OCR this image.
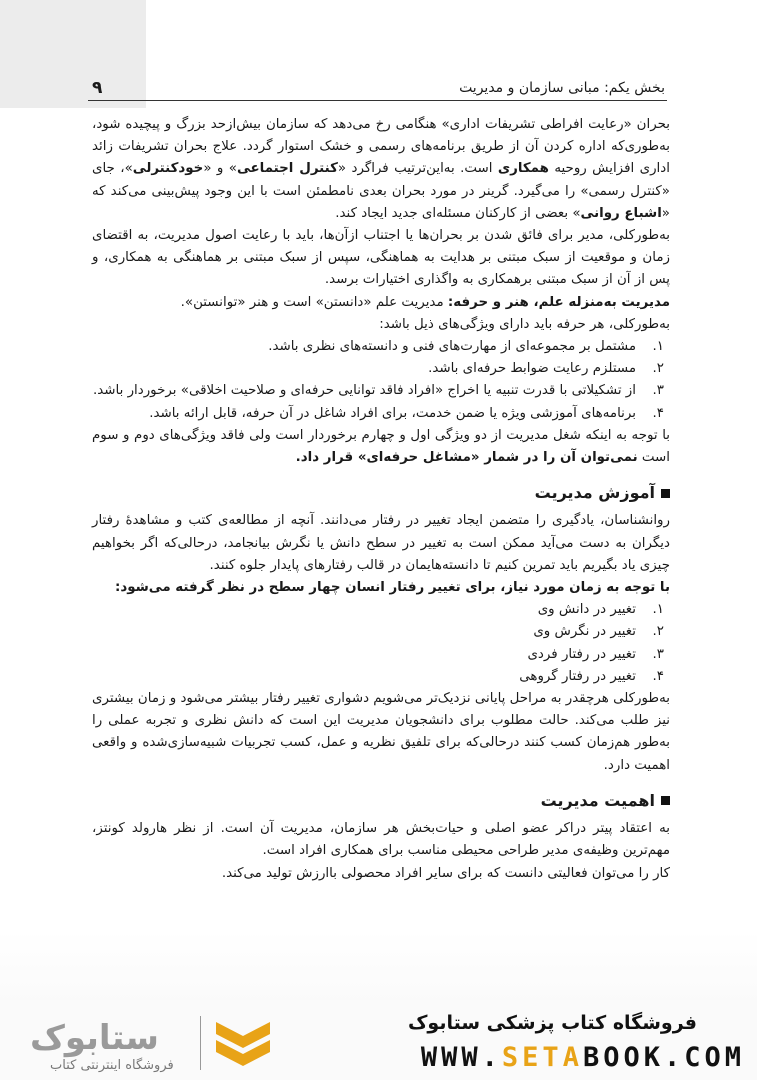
بخش یکم: مبانی سازمان و مدیریت
۹

بحران «رعایت افراطی تشریفات اداری» هنگامی رخ می‌دهد که سازمان بیش‌ازحد بزرگ و پیچیده شود، به‌طوری‌که اداره کردن آن از طریق برنامه‌های رسمی و خشک استوار گردد. علاج بحران تشریفات زائد اداری افزایش روحیه همکاری است. به‌این‌ترتیب فراگرد «کنترل اجتماعی» و «خودکنترلی»، جای «کنترل رسمی» را می‌گیرد. گرینر در مورد بحران بعدی نامطمئن است با این وجود پیش‌بینی می‌کند که «اشباع روانی» بعضی از کارکنان مسئله‌ای جدید ایجاد کند.

به‌طورکلی، مدیر برای فائق شدن بر بحران‌ها یا اجتناب ازآن‌ها، باید با رعایت اصول مدیریت، به اقتضای زمان و موقعیت از سبک مبتنی بر هدایت به هماهنگی، سپس از سبک مبتنی بر هماهنگی به همکاری، و پس از آن از سبک مبتنی برهمکاری به واگذاری اختیارات برسد.

مدیریت به‌منزله علم، هنر و حرفه: مدیریت علم «دانستن» است و هنر «توانستن».

به‌طورکلی، هر حرفه باید دارای ویژگی‌های ذیل باشد:

۱.
مشتمل بر مجموعه‌ای از مهارت‌های فنی و دانسته‌های نظری باشد.
۲.
مستلزم رعایت ضوابط حرفه‌ای باشد.
۳.
از تشکیلاتی با قدرت تنبیه یا اخراج «افراد فاقد توانایی حرفه‌ای و صلاحیت اخلاقی» برخوردار باشد.
۴.
برنامه‌های آموزشی ویژه یا ضمن خدمت، برای افراد شاغل در آن حرفه، قابل ارائه باشد.

با توجه به اینکه شغل مدیریت از دو ویژگی اول و چهارم برخوردار است ولی فاقد ویژگی‌های دوم و سوم است نمی‌توان آن را در شمار «مشاغل حرفه‌ای» قرار داد.

آموزش مدیریت

روانشناسان، یادگیری را متضمن ایجاد تغییر در رفتار می‌دانند. آنچه از مطالعه‌ی کتب و مشاهدهٔ رفتار دیگران به دست می‌آید ممکن است به تغییر در سطح دانش یا نگرش بیانجامد، درحالی‌که اگر بخواهیم چیزی یاد بگیریم باید تمرین کنیم تا دانسته‌هایمان در قالب رفتارهای پایدار جلوه کنند.

با توجه به زمان مورد نیاز، برای تغییر رفتار انسان چهار سطح در نظر گرفته می‌شود:

۱.
تغییر در دانش وی
۲.
تغییر در نگرش وی
۳.
تغییر در رفتار فردی
۴.
تغییر در رفتار گروهی

به‌طورکلی هرچقدر به مراحل پایانی نزدیک‌تر می‌شویم دشواری تغییر رفتار بیشتر می‌شود و زمان بیشتری نیز طلب می‌کند. حالت مطلوب برای دانشجویان مدیریت این است که دانش نظری و تجربه عملی را به‌طور هم‌زمان کسب کنند درحالی‌که برای تلفیق نظریه و عمل، کسب تجربیات شبیه‌سازی‌شده و واقعی اهمیت دارد.

اهمیت مدیریت

به اعتقاد پیتر دراکر عضو اصلی و حیات‌بخش هر سازمان، مدیریت آن است. از نظر هارولد کونتز، مهم‌ترین وظیفه‌ی مدیر طراحی محیطی مناسب برای همکاری افراد است.

کار را می‌توان فعالیتی دانست که برای سایر افراد محصولی باارزش تولید می‌کند.

فروشگاه کتاب پزشکی ستابوک
WWW.SETABOOK.COM
ستابوک
فروشگاه اینترنتی کتاب
